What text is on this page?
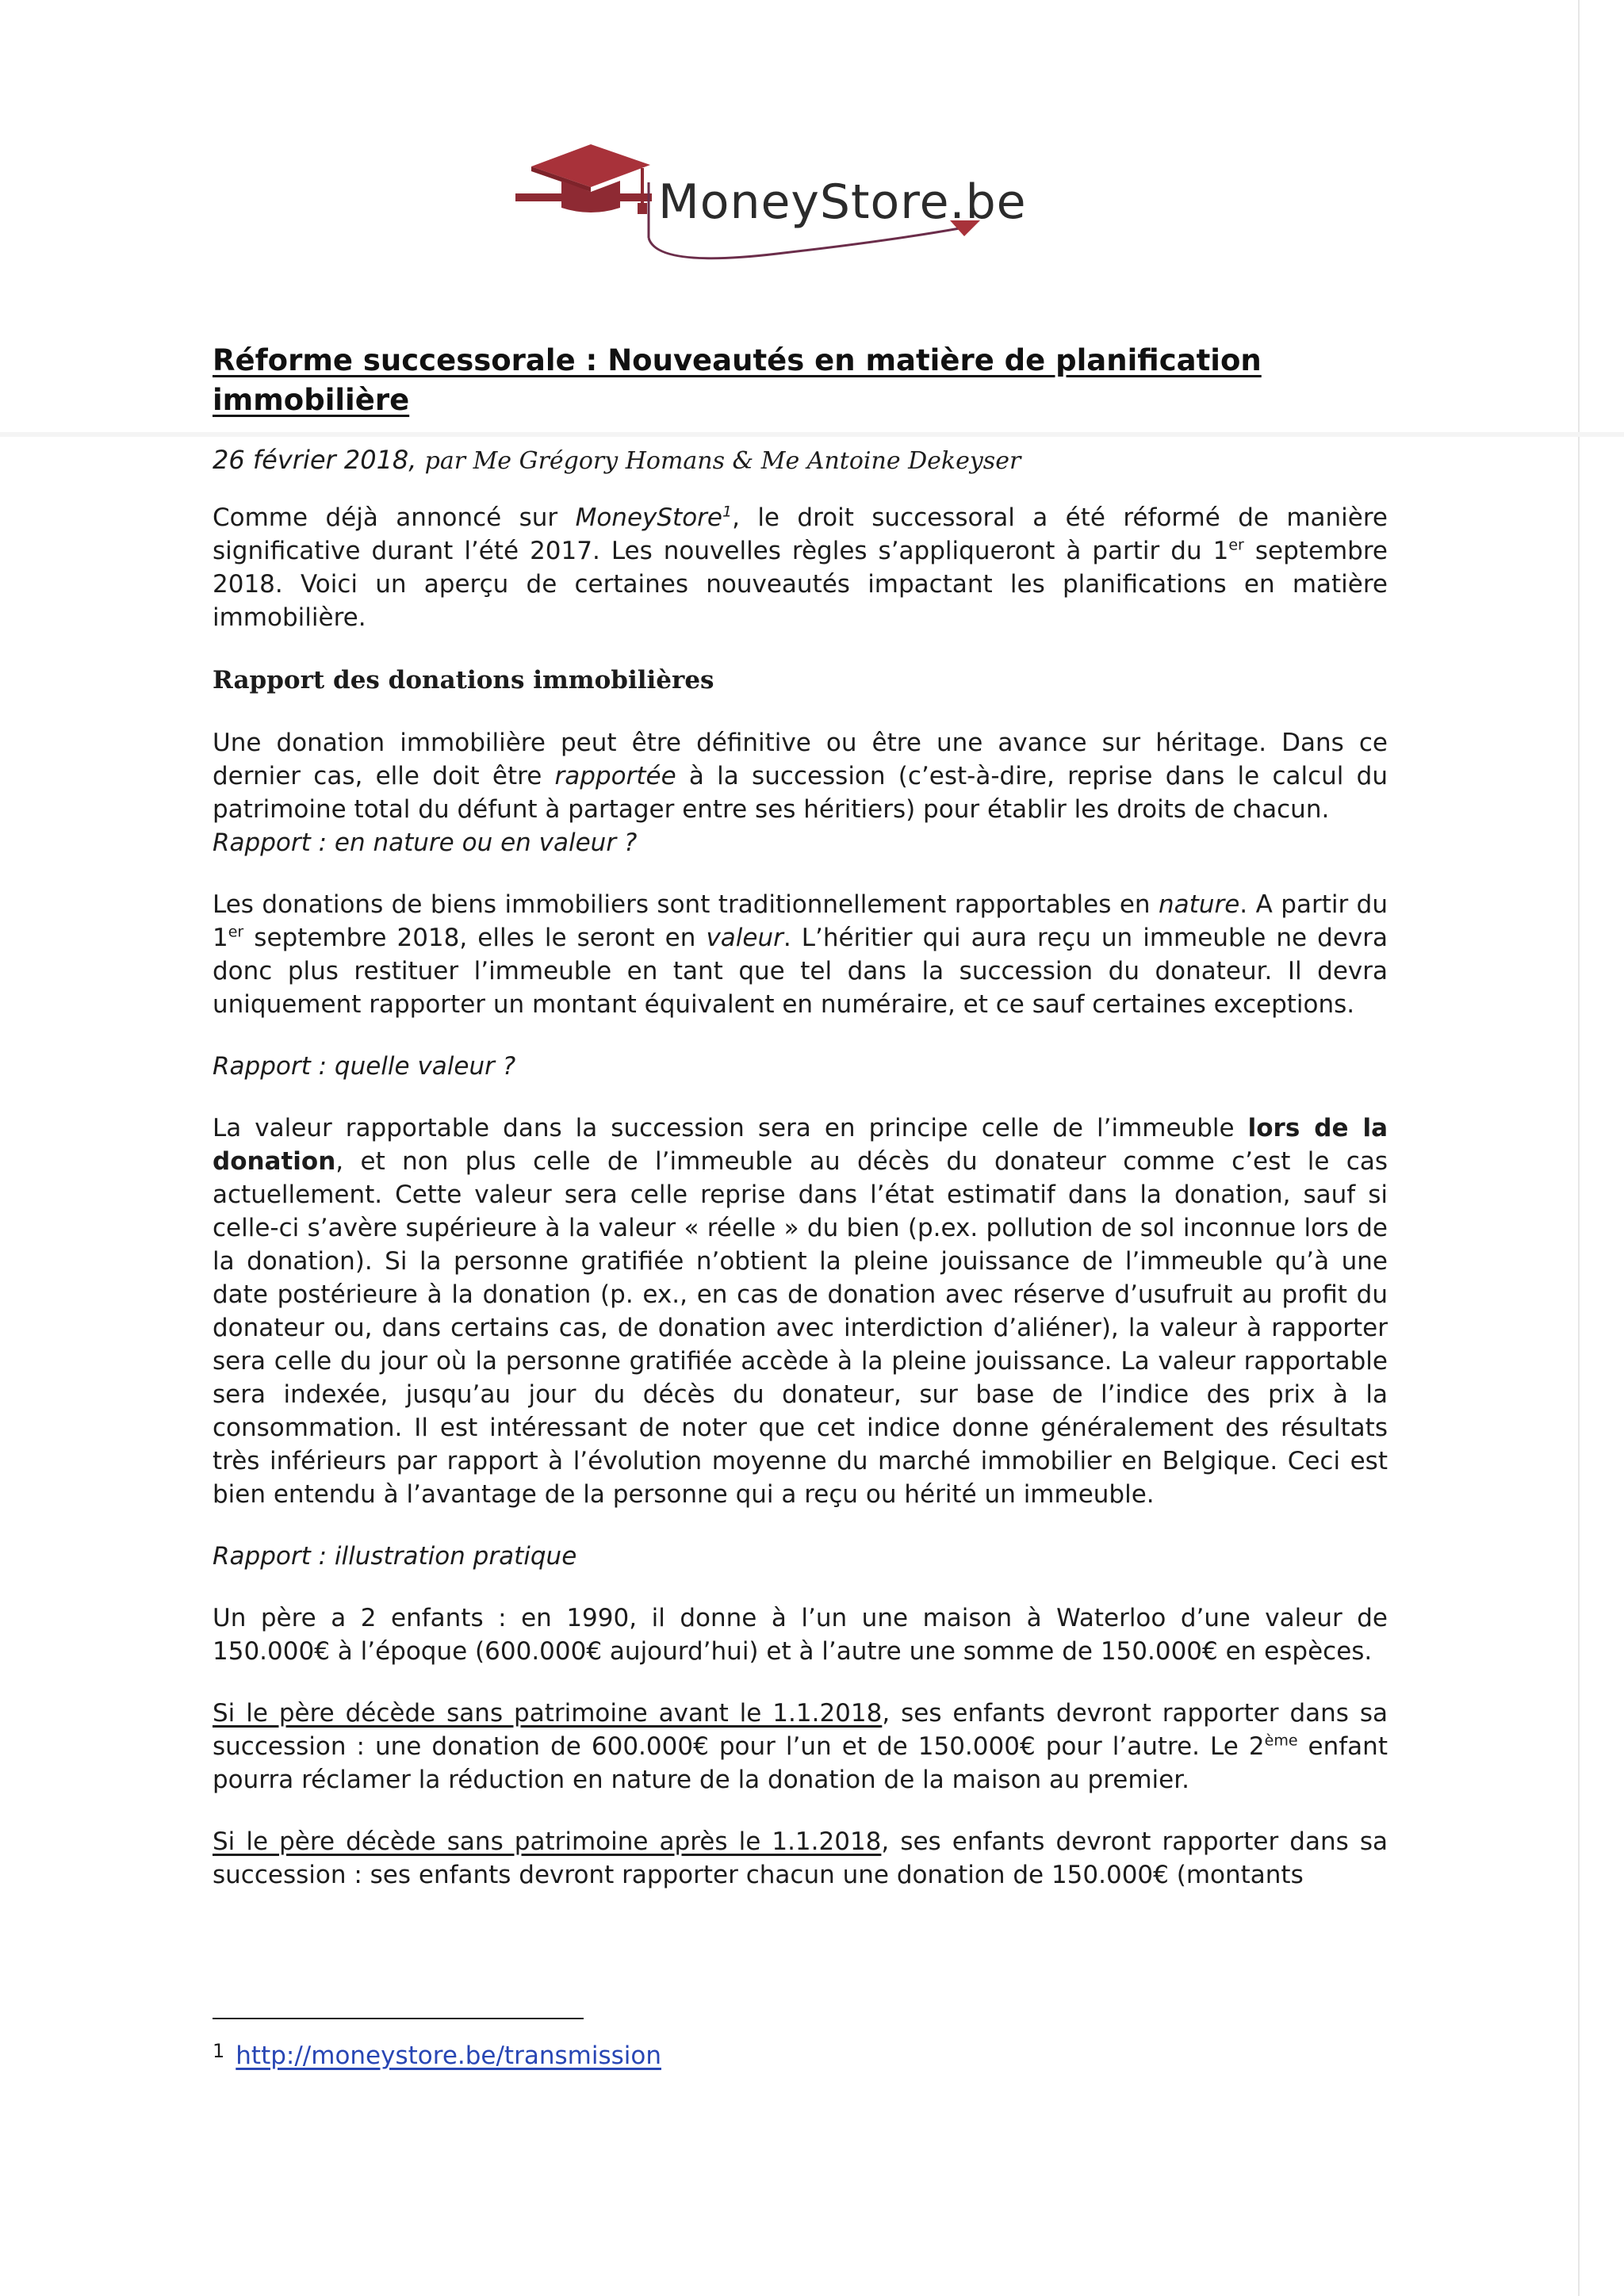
MoneyStore.be
Réforme successorale : Nouveautés en matière de planification immobilière
26 février 2018, par Me Grégory Homans & Me Antoine Dekeyser

Comme déjà annoncé sur MoneyStore$^1$, le droit successoral a été réformé de manière significative durant l’été 2017. Les nouvelles règles s’appliqueront à partir du 1er septembre 2018. Voici un aperçu de certaines nouveautés impactant les planifications en matière immobilière.

Rapport des donations immobilières

Une donation immobilière peut être définitive ou être une avance sur héritage. Dans ce dernier cas, elle doit être rapportée à la succession (c’est-à-dire, reprise dans le calcul du patrimoine total du défunt à partager entre ses héritiers) pour établir les droits de chacun.

Rapport : en nature ou en valeur ?

Les donations de biens immobiliers sont traditionnellement rapportables en nature. A partir du 1er septembre 2018, elles le seront en valeur. L’héritier qui aura reçu un immeuble ne devra donc plus restituer l’immeuble en tant que tel dans la succession du donateur. Il devra uniquement rapporter un montant équivalent en numéraire, et ce sauf certaines exceptions.

Rapport : quelle valeur ?

La valeur rapportable dans la succession sera en principe celle de l’immeuble lors de la donation, et non plus celle de l’immeuble au décès du donateur comme c’est le cas actuellement. Cette valeur sera celle reprise dans l’état estimatif dans la donation, sauf si celle-ci s’avère supérieure à la valeur « réelle » du bien (p.ex. pollution de sol inconnue lors de la donation). Si la personne gratifiée n’obtient la pleine jouissance de l’immeuble qu’à une date postérieure à la donation (p. ex., en cas de donation avec réserve d’usufruit au profit du donateur ou, dans certains cas, de donation avec interdiction d’aliéner), la valeur à rapporter sera celle du jour où la personne gratifiée accède à la pleine jouissance. La valeur rapportable sera indexée, jusqu’au jour du décès du donateur, sur base de l’indice des prix à la consommation. Il est intéressant de noter que cet indice donne généralement des résultats très inférieurs par rapport à l’évolution moyenne du marché immobilier en Belgique. Ceci est bien entendu à l’avantage de la personne qui a reçu ou hérité un immeuble.

Rapport : illustration pratique

Un père a 2 enfants : en 1990, il donne à l’un une maison à Waterloo d’une valeur de 150.000€ à l’époque (600.000€ aujourd’hui) et à l’autre une somme de 150.000€ en espèces.

Si le père décède sans patrimoine avant le 1.1.2018, ses enfants devront rapporter dans sa succession : une donation de 600.000€ pour l’un et de 150.000€ pour l’autre. Le 2ème enfant pourra réclamer la réduction en nature de la donation de la maison au premier.

Si le père décède sans patrimoine après le 1.1.2018, ses enfants devront rapporter dans sa succession : ses enfants devront rapporter chacun une donation de 150.000€ (montants

$^1$ http://moneystore.be/transmission
